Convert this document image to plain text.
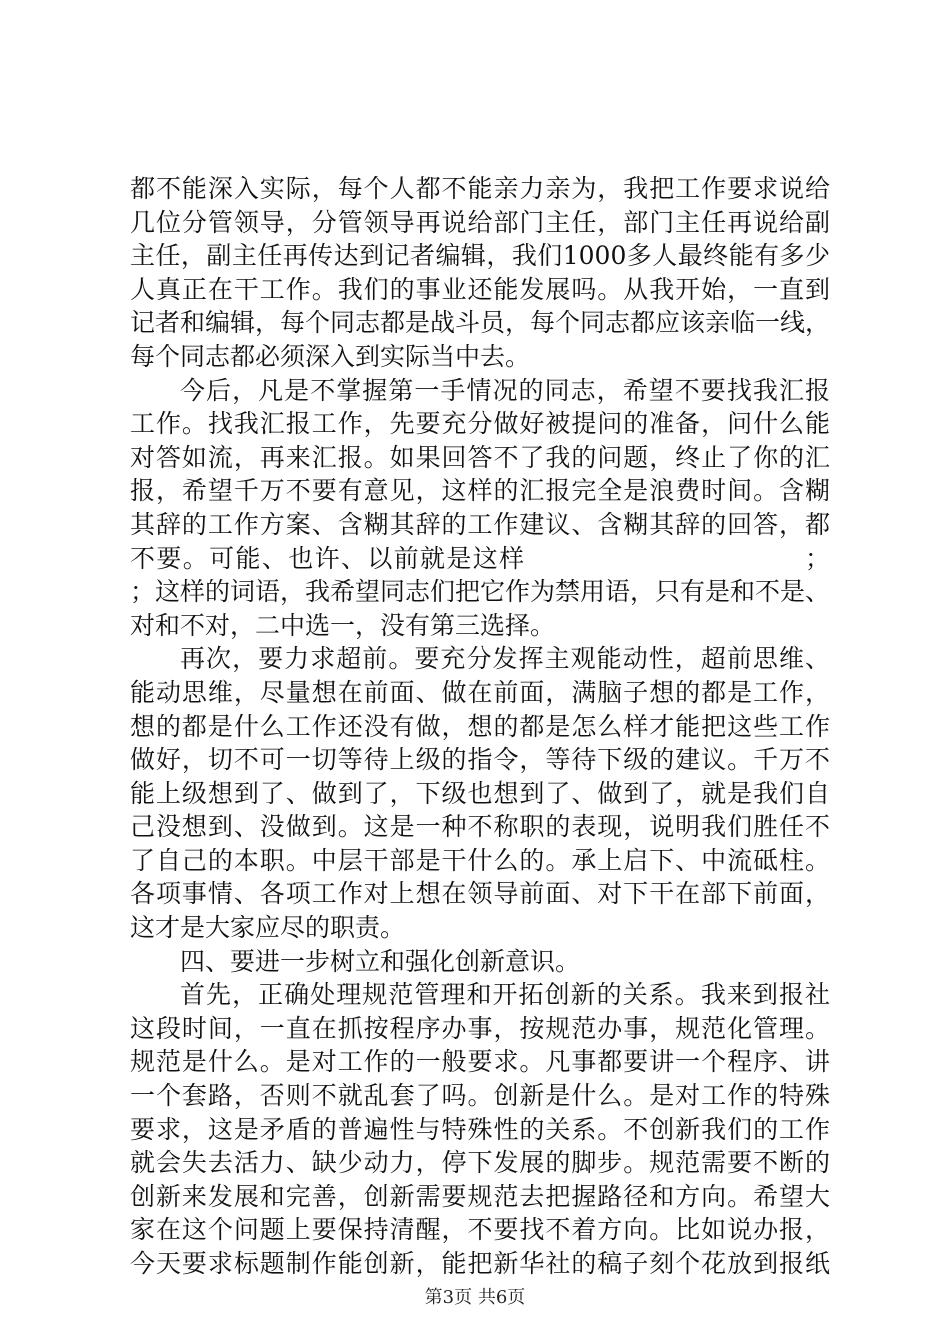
都不能深入实际，每个人都不能亲力亲为，我把工作要求说给
几位分管领导，分管领导再说给部门主任，部门主任再说给副
主任，副主任再传达到记者编辑，我们1000多人最终能有多少
人真正在干工作。我们的事业还能发展吗。从我开始，一直到
记者和编辑，每个同志都是战斗员，每个同志都应该亲临一线，
每个同志都必须深入到实际当中去。
今后，凡是不掌握第一手情况的同志，希望不要找我汇报
工作。找我汇报工作，先要充分做好被提问的准备，问什么能
对答如流，再来汇报。如果回答不了我的问题，终止了你的汇
报，希望千万不要有意见，这样的汇报完全是浪费时间。含糊
其辞的工作方案、含糊其辞的工作建议、含糊其辞的回答，都
不要。可能、也许、以前就是这样                              ；
；这样的词语，我希望同志们把它作为禁用语，只有是和不是、
对和不对，二中选一，没有第三选择。
再次，要力求超前。要充分发挥主观能动性，超前思维、
能动思维，尽量想在前面、做在前面，满脑子想的都是工作，
想的都是什么工作还没有做，想的都是怎么样才能把这些工作
做好，切不可一切等待上级的指令，等待下级的建议。千万不
能上级想到了、做到了，下级也想到了、做到了，就是我们自
己没想到、没做到。这是一种不称职的表现，说明我们胜任不
了自己的本职。中层干部是干什么的。承上启下、中流砥柱。
各项事情、各项工作对上想在领导前面、对下干在部下前面，
这才是大家应尽的职责。
四、要进一步树立和强化创新意识。
首先，正确处理规范管理和开拓创新的关系。我来到报社
这段时间，一直在抓按程序办事，按规范办事，规范化管理。
规范是什么。是对工作的一般要求。凡事都要讲一个程序、讲
一个套路，否则不就乱套了吗。创新是什么。是对工作的特殊
要求，这是矛盾的普遍性与特殊性的关系。不创新我们的工作
就会失去活力、缺少动力，停下发展的脚步。规范需要不断的
创新来发展和完善，创新需要规范去把握路径和方向。希望大
家在这个问题上要保持清醒，不要找不着方向。比如说办报，
今天要求标题制作能创新，能把新华社的稿子刻个花放到报纸
第3页 共6页
